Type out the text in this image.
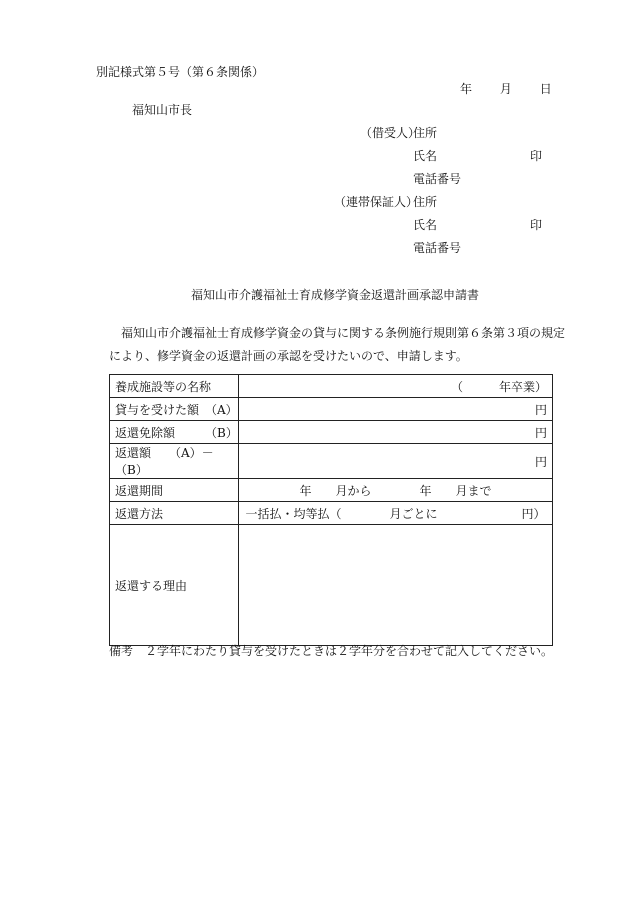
別記様式第５号（第６条関係）
年 月 日
福知山市長
（借受人）
住所
氏名	印
電話番号
（連帯保証人）
住所
氏名	印
電話番号
福知山市介護福祉士育成修学資金返還計画承認申請書
福知山市介護福祉士育成修学資金の貸与に関する条例施行規則第６条第３項の規定により、修学資金の返還計画の承認を受けたいので、申請します。
養成施設等の名称	（　　　年卒業）

貸与を受けた額　（A）	円

返還免除額　　　（B）	円

返還額　　（A）－（B）	円

返還期間	年　　月から　　　　年　　月まで
返還方法	一括払・均等払（　　　　月ごとに　　　　　　　円）
返還する理由	
備考　２学年にわたり貸与を受けたときは２学年分を合わせて記入してください。
